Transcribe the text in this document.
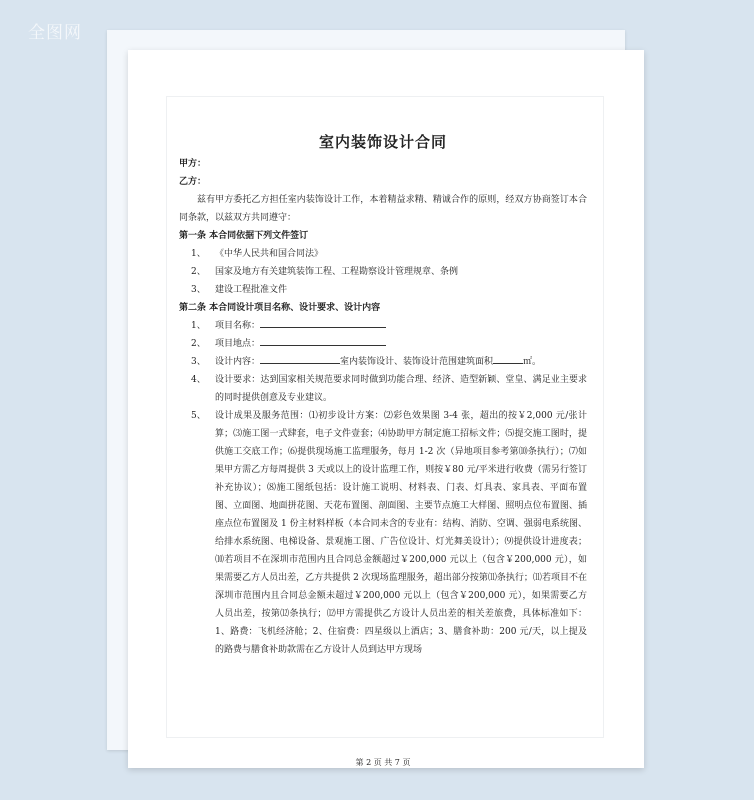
全图网
室内装饰设计合同
甲方：
乙方：
兹有甲方委托乙方担任室内装饰设计工作，本着精益求精、精诚合作的原则，经双方协商签订本合同条款，以兹双方共同遵守：
第一条 本合同依据下列文件签订
1、 《中华人民共和国合同法》
2、 国家及地方有关建筑装饰工程、工程勘察设计管理规章、条例
3、 建设工程批准文件
第二条 本合同设计项目名称、设计要求、设计内容
1、 项目名称：
2、 项目地点：
3、 设计内容：	室内装饰设计、装饰设计范围建筑面积	㎡。
4、 设计要求：达到国家相关规范要求同时做到功能合理、经济、造型新颖、堂皇、满足业主要求的同时提供创意及专业建议。
5、 设计成果及服务范围：⑴初步设计方案：⑵彩色效果图 3-4 张，超出的按￥2,000 元/张计算；⑶施工图一式肆套，电子文件壹套；⑷协助甲方制定施工招标文件；⑸提交施工图时，提供施工交底工作；⑹提供现场施工监理服务，每月 1-2 次（异地项目参考第⑽条执行）；⑺如果甲方需乙方每周提供 3 天或以上的设计监理工作，则按￥80 元/平米进行收费（需另行签订补充协议）；⑻施工图纸包括：设计施工说明、材料表、门表、灯具表、家具表、平面布置图、立面图、地面拼花图、天花布置图、剖面图、主要节点施工大样图、照明点位布置图、插座点位布置图及 1 份主材料样板（本合同未含的专业有：结构、消防、空调、强弱电系统图、给排水系统图、电梯设备、景观施工图、广告位设计、灯光舞美设计）；⑼提供设计进度表；⑽若项目不在深圳市范围内且合同总金额超过￥200,000 元以上（包含￥200,000 元），如果需要乙方人员出差，乙方共提供 2 次现场监理服务，超出部分按第⑾条执行；⑾若项目不在深圳市范围内且合同总金额未超过￥200,000 元以上（包含￥200,000 元），如果需要乙方人员出差，按第⑿条执行；⑿甲方需提供乙方设计人员出差的相关差旅费，具体标准如下：1、路费：飞机经济舱；2、住宿费：四星级以上酒店；3、膳食补助：200 元/天，以上提及的路费与膳食补助款需在乙方设计人员到达甲方现场
第 2 页 共 7 页
